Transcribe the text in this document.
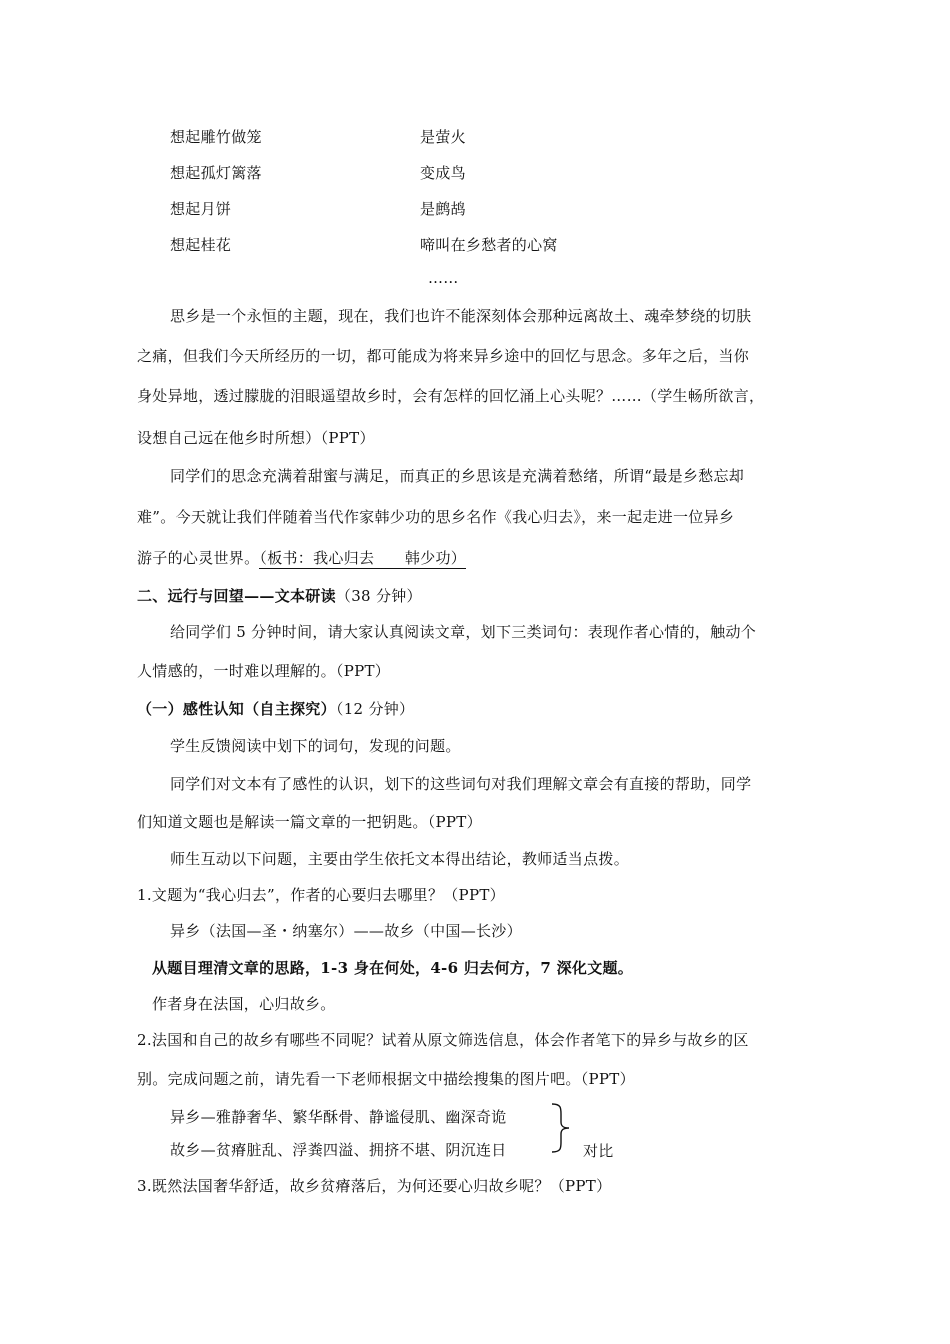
想起雕竹做笼	是萤火
想起孤灯篱落	变成鸟
想起月饼	是鹧鸪
想起桂花	啼叫在乡愁者的心窝
……
思乡是一个永恒的主题，现在，我们也许不能深刻体会那种远离故土、魂牵梦绕的切肤
之痛，但我们今天所经历的一切，都可能成为将来异乡途中的回忆与思念。多年之后，当你
身处异地，透过朦胧的泪眼遥望故乡时，会有怎样的回忆涌上心头呢？……（学生畅所欲言，
设想自己远在他乡时所想）（PPT）
同学们的思念充满着甜蜜与满足，而真正的乡思该是充满着愁绪，所谓“最是乡愁忘却
难”。今天就让我们伴随着当代作家韩少功的思乡名作《我心归去》，来一起走进一位异乡
游子的心灵世界。（板书：我心归去　　韩少功）
二、远行与回望——文本研读（38 分钟）
给同学们 5 分钟时间，请大家认真阅读文章，划下三类词句：表现作者心情的，触动个
人情感的，一时难以理解的。（PPT）
（一）感性认知（自主探究）（12 分钟）
学生反馈阅读中划下的词句，发现的问题。
同学们对文本有了感性的认识，划下的这些词句对我们理解文章会有直接的帮助，同学
们知道文题也是解读一篇文章的一把钥匙。（PPT）
师生互动以下问题，主要由学生依托文本得出结论，教师适当点拨。
1.文题为“我心归去”，作者的心要归去哪里？（PPT）
异乡（法国—圣・纳塞尔）——故乡（中国—长沙）
从题目理清文章的思路，1-3 身在何处，4-6 归去何方，7 深化文题。
作者身在法国，心归故乡。
2.法国和自己的故乡有哪些不同呢？试着从原文筛选信息，体会作者笔下的异乡与故乡的区
别。完成问题之前，请先看一下老师根据文中描绘搜集的图片吧。（PPT）
异乡—雅静奢华、繁华酥骨、静谧侵肌、幽深奇诡
故乡—贫瘠脏乱、浮粪四溢、拥挤不堪、阴沉连日	对比
3.既然法国奢华舒适，故乡贫瘠落后，为何还要心归故乡呢？（PPT）
